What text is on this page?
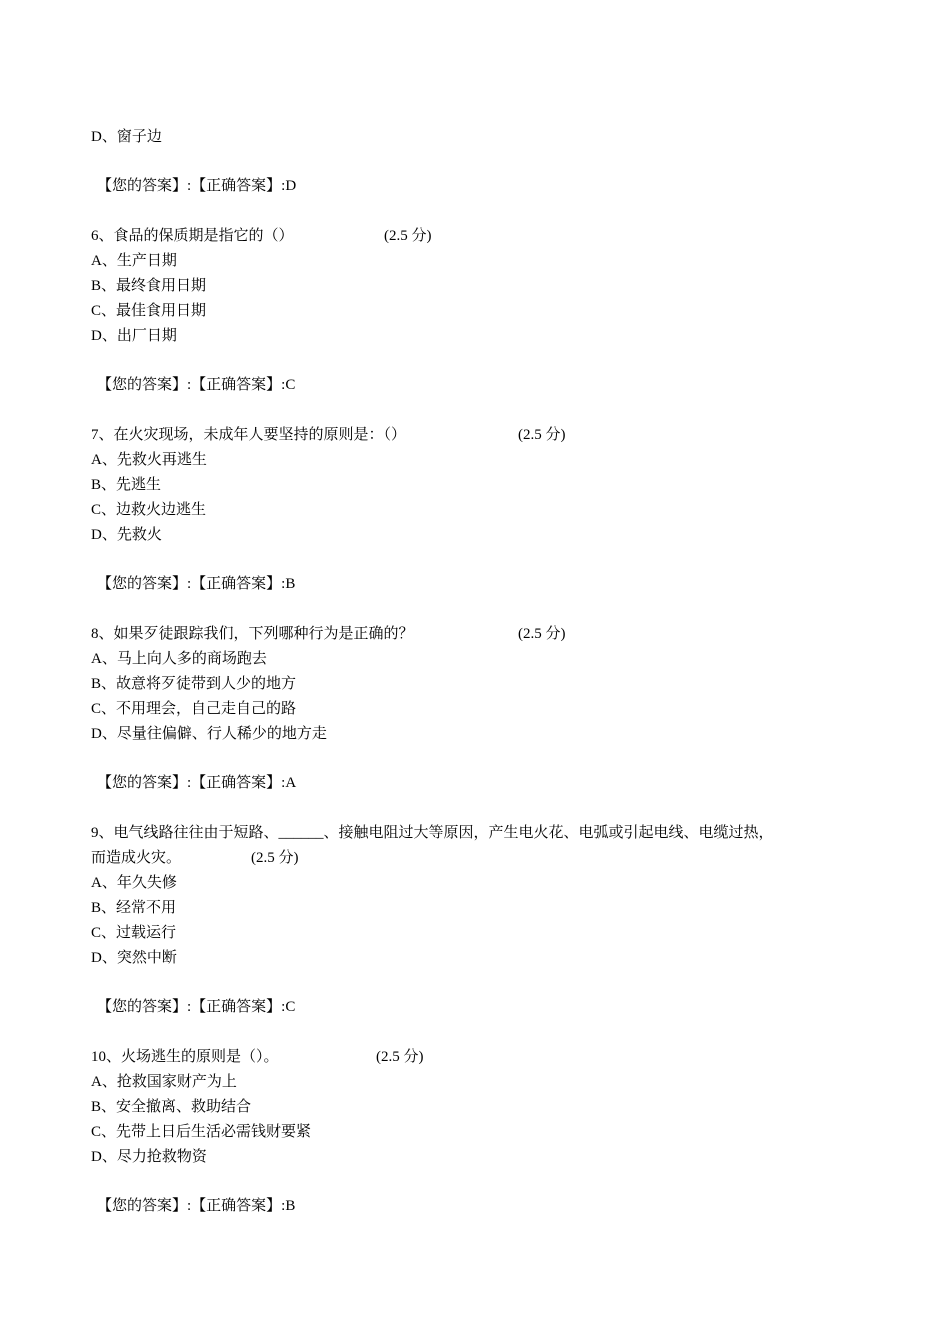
D、窗子边
【您的答案】:【正确答案】:D
6、食品的保质期是指它的（）	(2.5 分)
A、生产日期
B、最终食用日期
C、最佳食用日期
D、出厂日期
【您的答案】:【正确答案】:C
7、在火灾现场，未成年人要坚持的原则是：（）	(2.5 分)
A、先救火再逃生
B、先逃生
C、边救火边逃生
D、先救火
【您的答案】:【正确答案】:B
8、如果歹徒跟踪我们，下列哪种行为是正确的？	(2.5 分)
A、马上向人多的商场跑去
B、故意将歹徒带到人少的地方
C、不用理会，自己走自己的路
D、尽量往偏僻、行人稀少的地方走
【您的答案】:【正确答案】:A
9、电气线路往往由于短路、______、接触电阻过大等原因，产生电火花、电弧或引起电线、电缆过热，
而造成火灾。	(2.5 分)
A、年久失修
B、经常不用
C、过载运行
D、突然中断
【您的答案】:【正确答案】:C
10、火场逃生的原则是（）。	(2.5 分)
A、抢救国家财产为上
B、安全撤离、救助结合
C、先带上日后生活必需钱财要紧
D、尽力抢救物资
【您的答案】:【正确答案】:B
